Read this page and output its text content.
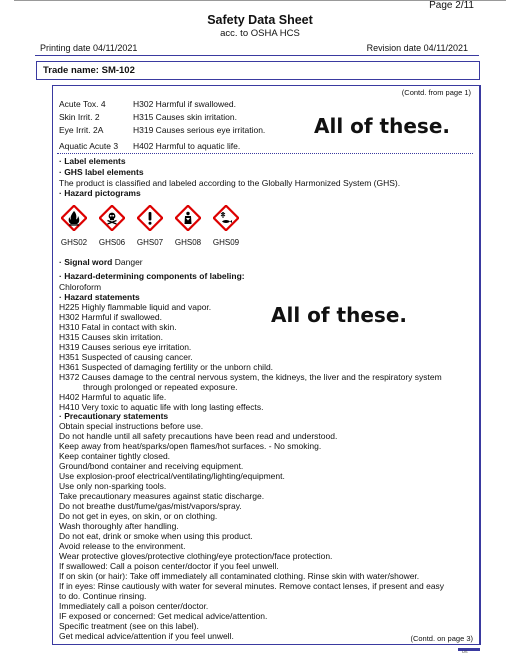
Page 2/11
Safety Data Sheet
acc. to OSHA HCS
Printing date 04/11/2021	Revision date 04/11/2021
Trade name: SM-102
(Contd. from page 1)
Acute Tox. 4	H302 Harmful if swallowed.
Skin Irrit. 2	H315 Causes skin irritation.
Eye Irrit. 2A	H319 Causes serious eye irritation.
Aquatic Acute 3 H402 Harmful to aquatic life.
All of these.
· Label elements
· GHS label elements
The product is classified and labeled according to the Globally Harmonized System (GHS).
· Hazard pictograms
GHS02	GHS06	GHS07	GHS08	GHS09
· Signal word Danger
· Hazard-determining components of labeling:
Chloroform
· Hazard statements
H225 Highly flammable liquid and vapor.
H302 Harmful if swallowed.
H310 Fatal in contact with skin.
H315 Causes skin irritation.
H319 Causes serious eye irritation.
H351 Suspected of causing cancer.
H361 Suspected of damaging fertility or the unborn child.
H372 Causes damage to the central nervous system, the kidneys, the liver and the respiratory system
through prolonged or repeated exposure.
H402 Harmful to aquatic life.
H410 Very toxic to aquatic life with long lasting effects.
All of these.
· Precautionary statements
Obtain special instructions before use.
Do not handle until all safety precautions have been read and understood.
Keep away from heat/sparks/open flames/hot surfaces. - No smoking.
Keep container tightly closed.
Ground/bond container and receiving equipment.
Use explosion-proof electrical/ventilating/lighting/equipment.
Use only non-sparking tools.
Take precautionary measures against static discharge.
Do not breathe dust/fume/gas/mist/vapors/spray.
Do not get in eyes, on skin, or on clothing.
Wash thoroughly after handling.
Do not eat, drink or smoke when using this product.
Avoid release to the environment.
Wear protective gloves/protective clothing/eye protection/face protection.
If swallowed: Call a poison center/doctor if you feel unwell.
If on skin (or hair): Take off immediately all contaminated clothing. Rinse skin with water/shower.
If in eyes: Rinse cautiously with water for several minutes. Remove contact lenses, if present and easy
to do. Continue rinsing.
Immediately call a poison center/doctor.
IF exposed or concerned: Get medical advice/attention.
Specific treatment (see on this label).
Get medical advice/attention if you feel unwell.	(Contd. on page 3)
US
